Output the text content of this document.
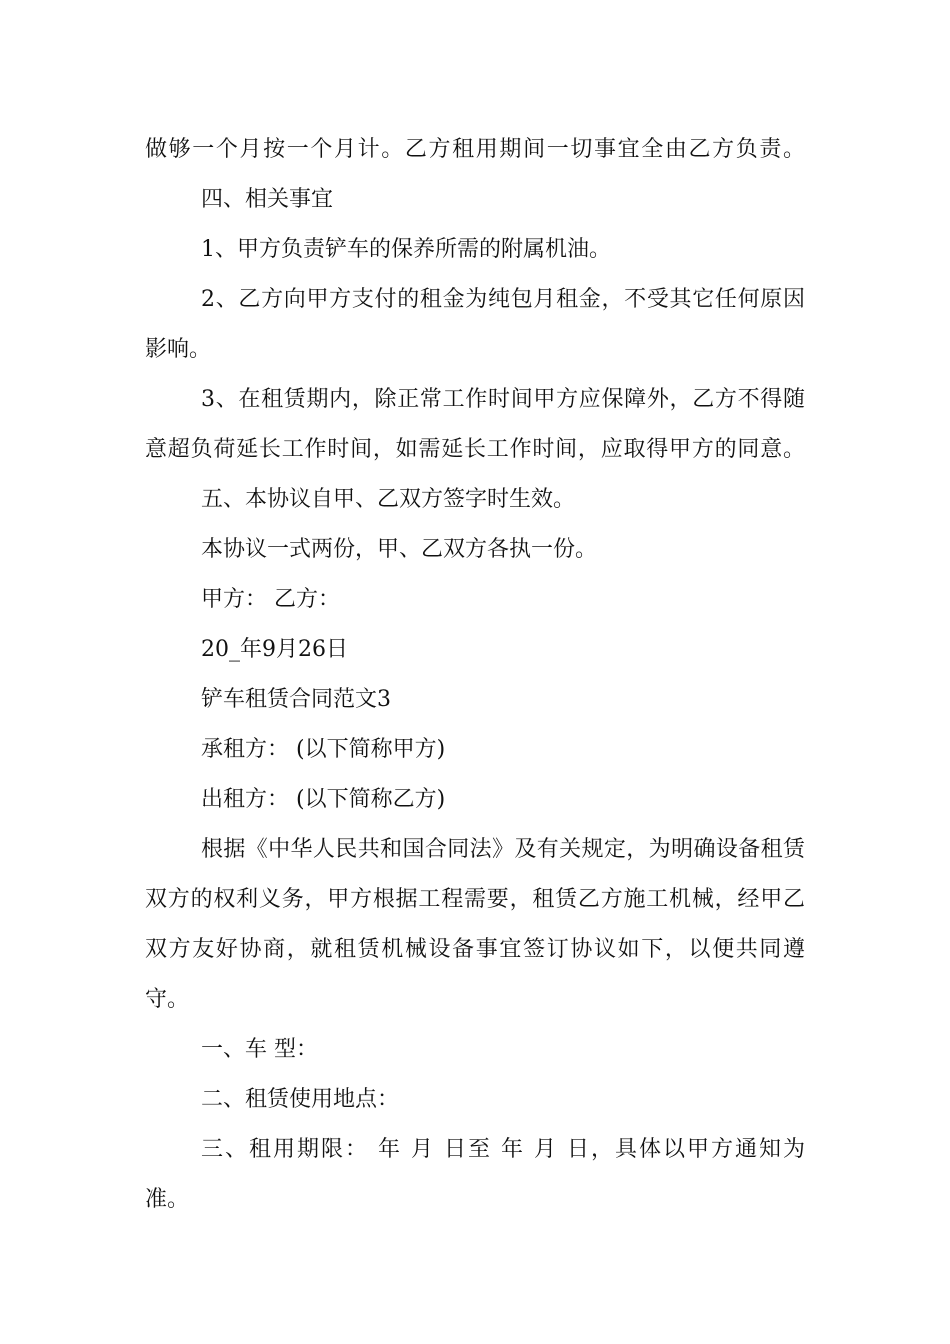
做够一个月按一个月计。乙方租用期间一切事宜全由乙方负责。

四、相关事宜

1、甲方负责铲车的保养所需的附属机油。

2、乙方向甲方支付的租金为纯包月租金，不受其它任何原因

影响。

3、在租赁期内，除正常工作时间甲方应保障外，乙方不得随

意超负荷延长工作时间，如需延长工作时间，应取得甲方的同意。

五、本协议自甲、乙双方签字时生效。

本协议一式两份，甲、乙双方各执一份。

甲方： 乙方：

20_年9月26日

铲车租赁合同范文3

承租方： (以下简称甲方)

出租方： (以下简称乙方)

根据《中华人民共和国合同法》及有关规定，为明确设备租赁

双方的权利义务，甲方根据工程需要，租赁乙方施工机械，经甲乙

双方友好协商，就租赁机械设备事宜签订协议如下，以便共同遵

守。

一、车 型：

二、租赁使用地点：

三、租用期限： 年 月 日至 年 月 日，具体以甲方通知为

准。
